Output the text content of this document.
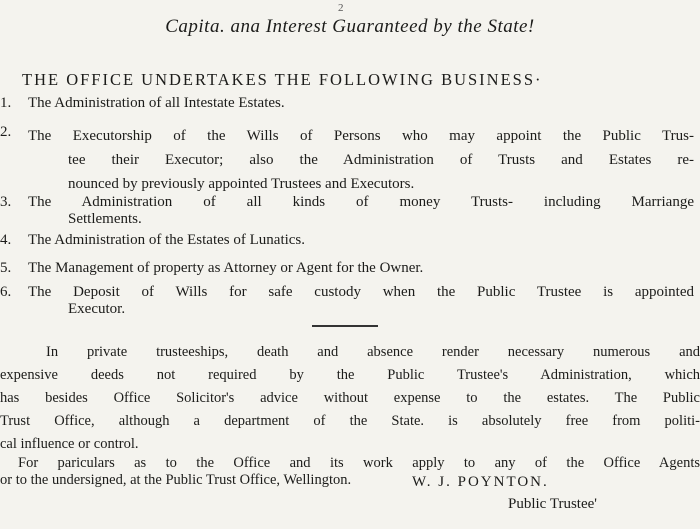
2
Capita. ana Interest Guaranteed by the State!
THE OFFICE UNDERTAKES THE FOLLOWING BUSINESS·
1.	The Administration of all Intestate Estates.
2.	The Executorship of the Wills of Persons who may appoint the Public Trus-
tee their Executor; also the Administration of Trusts and Estates re-
nounced by previously appointed Trustees and Executors.
3.	The Administration of all kinds of money Trusts- including Marriange
Settlements.
4.	The Administration of the Estates of Lunatics.
5.	The Management of property as Attorney or Agent for the Owner.
6.	The Deposit of Wills for safe custody when the Public Trustee is appointed
Executor.
In private trusteeships, death and absence render necessary numerous and
expensive deeds not required by the Public Trustee's Administration, which
has besides Office Solicitor's advice without expense to the estates. The Public
Trust Office, although a department of the State. is absolutely free from politi-
cal influence or control.
For pariculars as to the Office and its work apply to any of the Office Agents
or to the undersigned, at the Public Trust Office, Wellington.	W. J. POYNTON.
Public Trustee'
